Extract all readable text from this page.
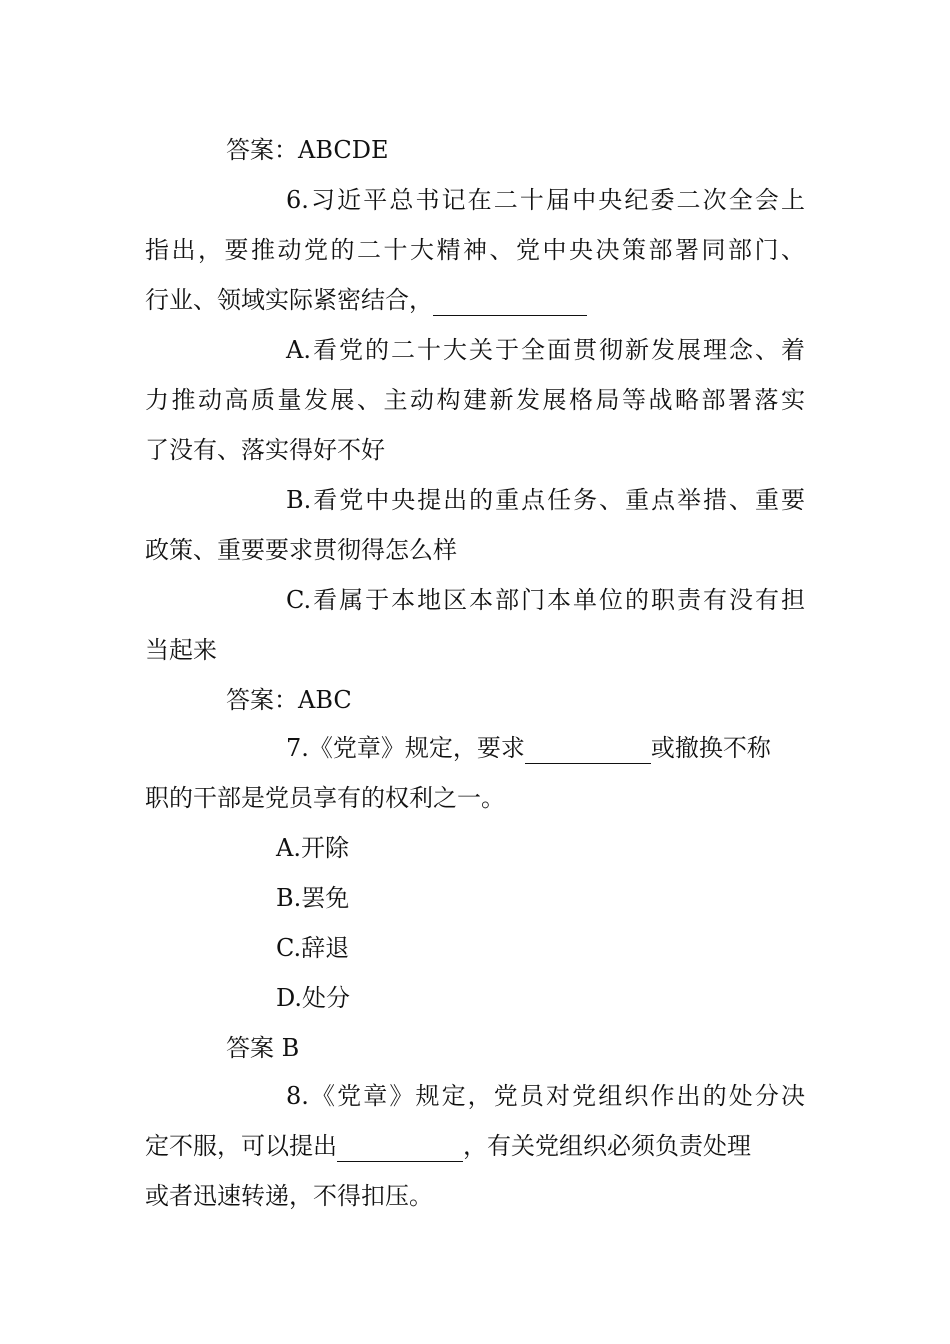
答案：ABCDE
6.习近平总书记在二十届中央纪委二次全会上
指出，要推动党的二十大精神、党中央决策部署同部门、
行业、领域实际紧密结合，
A.看党的二十大关于全面贯彻新发展理念、着
力推动高质量发展、主动构建新发展格局等战略部署落实
了没有、落实得好不好
B.看党中央提出的重点任务、重点举措、重要
政策、重要要求贯彻得怎么样
C.看属于本地区本部门本单位的职责有没有担
当起来
答案：ABC
7.《党章》规定，要求	或撤换不称
职的干部是党员享有的权利之一。
A.开除
B.罢免
C.辞退
D.处分
答案 B
8.《党章》规定，党员对党组织作出的处分决
定不服，可以提出	，有关党组织必须负责处理
或者迅速转递，不得扣压。
